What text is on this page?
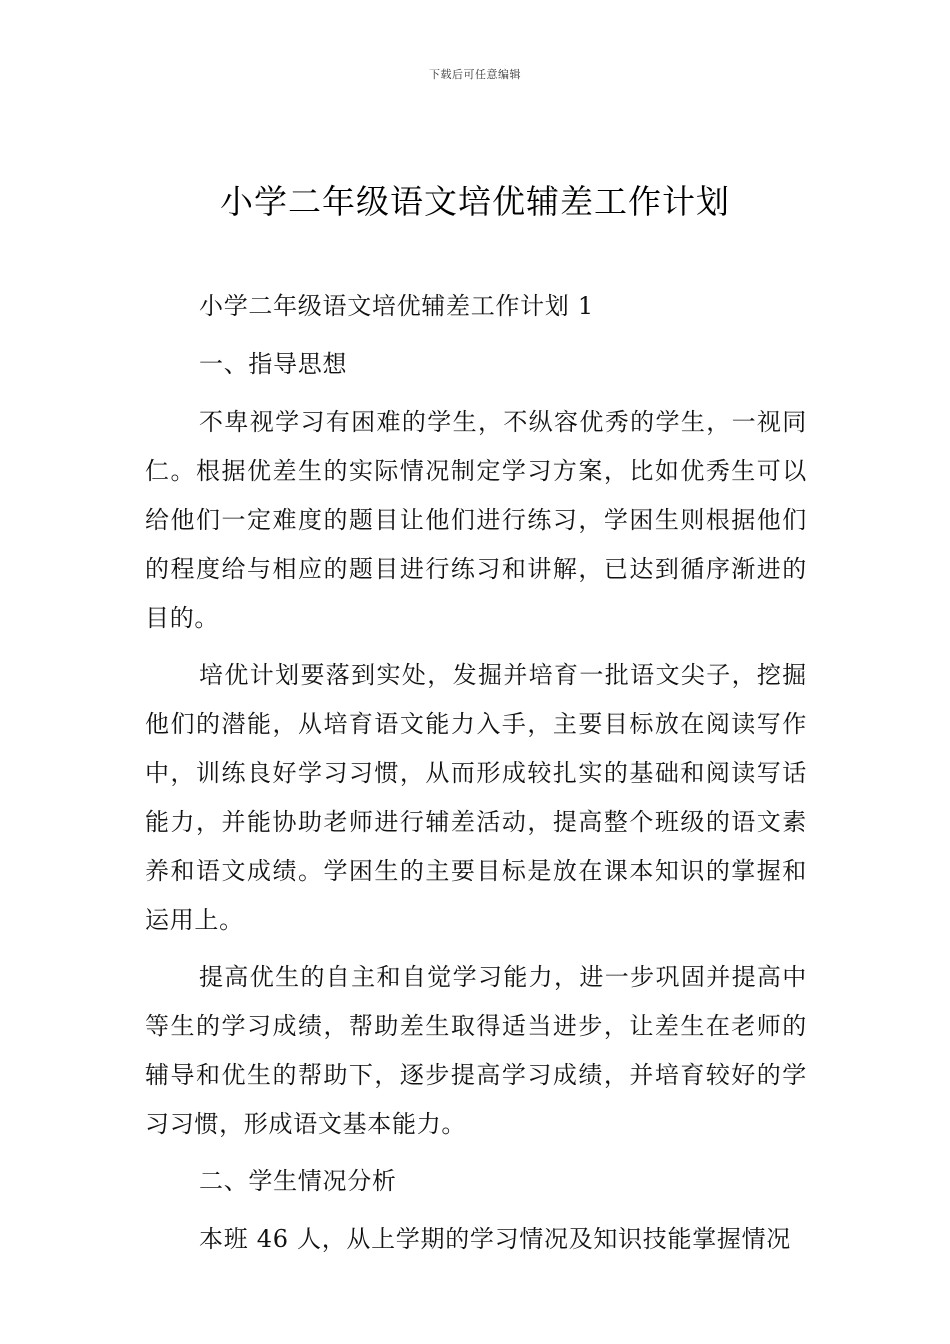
下载后可任意编辑
小学二年级语文培优辅差工作计划

小学二年级语文培优辅差工作计划 1

一、指导思想

不卑视学习有困难的学生，不纵容优秀的学生，一视同仁。根据优差生的实际情况制定学习方案，比如优秀生可以给他们一定难度的题目让他们进行练习，学困生则根据他们的程度给与相应的题目进行练习和讲解，已达到循序渐进的目的。

培优计划要落到实处，发掘并培育一批语文尖子，挖掘他们的潜能，从培育语文能力入手，主要目标放在阅读写作中，训练良好学习习惯，从而形成较扎实的基础和阅读写话能力，并能协助老师进行辅差活动，提高整个班级的语文素养和语文成绩。学困生的主要目标是放在课本知识的掌握和运用上。

提高优生的自主和自觉学习能力，进一步巩固并提高中等生的学习成绩，帮助差生取得适当进步，让差生在老师的辅导和优生的帮助下，逐步提高学习成绩，并培育较好的学习习惯，形成语文基本能力。

二、学生情况分析

本班 46 人，从上学期的学习情况及知识技能掌握情况
